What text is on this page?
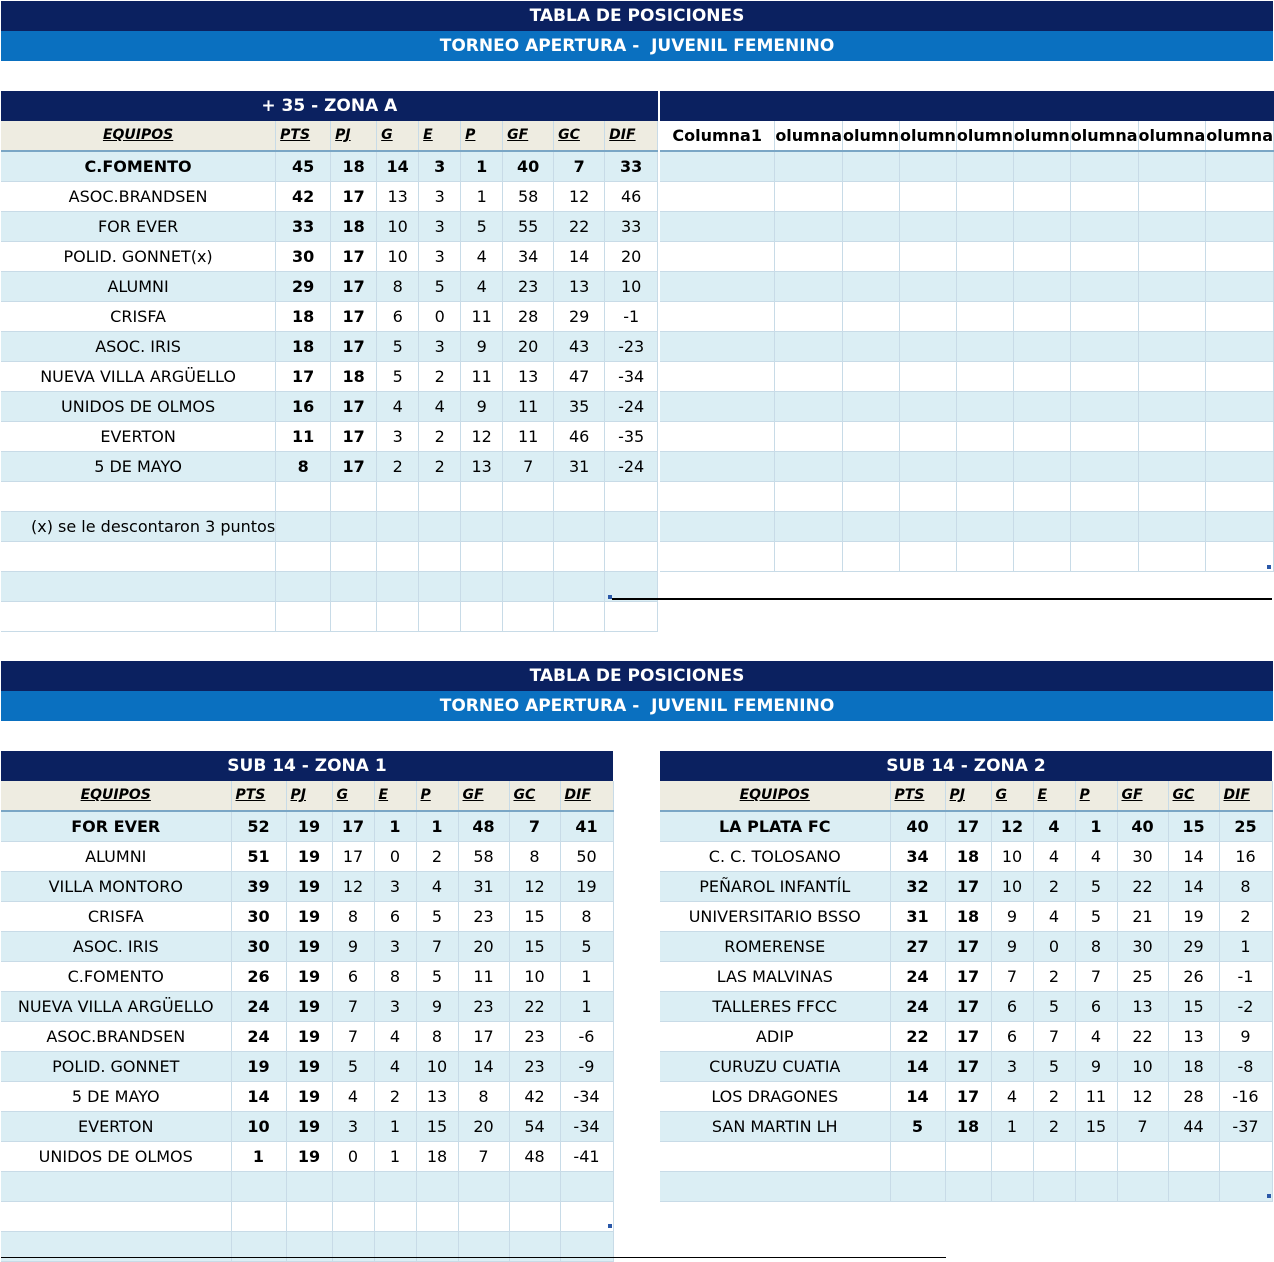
TABLA DE POSICIONES
TORNEO APERTURA -  JUVENIL FEMENINO
TABLA DE POSICIONES
TORNEO APERTURA -  JUVENIL FEMENINO
+ 35 - ZONA A								
EQUIPOS	PTS	PJ	G	E	P	GF	GC	DIF
C.FOMENTO	45	18	14	3	1	40	7	33
ASOC.BRANDSEN	42	17	13	3	1	58	12	46
FOR EVER	33	18	10	3	5	55	22	33
POLID. GONNET(x)	30	17	10	3	4	34	14	20
ALUMNI	29	17	8	5	4	23	13	10
CRISFA	18	17	6	0	11	28	29	-1
ASOC. IRIS	18	17	5	3	9	20	43	-23
NUEVA VILLA ARGÜELLO	17	18	5	2	11	13	47	-34
UNIDOS DE OLMOS	16	17	4	4	9	11	35	-24
EVERTON	11	17	3	2	12	11	46	-35
5 DE MAYO	8	17	2	2	13	7	31	-24

(x) se le descontaron 3 puntos								

Columna1	olumna	olumn	olumn	olumn	olumn	olumna	olumna	olumna

SUB 14 - ZONA 1								
EQUIPOS	PTS	PJ	G	E	P	GF	GC	DIF
FOR EVER	52	19	17	1	1	48	7	41
ALUMNI	51	19	17	0	2	58	8	50
VILLA MONTORO	39	19	12	3	4	31	12	19
CRISFA	30	19	8	6	5	23	15	8
ASOC. IRIS	30	19	9	3	7	20	15	5
C.FOMENTO	26	19	6	8	5	11	10	1
NUEVA VILLA ARGÜELLO	24	19	7	3	9	23	22	1
ASOC.BRANDSEN	24	19	7	4	8	17	23	-6
POLID. GONNET	19	19	5	4	10	14	23	-9
5 DE MAYO	14	19	4	2	13	8	42	-34
EVERTON	10	19	3	1	15	20	54	-34
UNIDOS DE OLMOS	1	19	0	1	18	7	48	-41

SUB 14 - ZONA 2								
EQUIPOS	PTS	PJ	G	E	P	GF	GC	DIF
LA PLATA FC	40	17	12	4	1	40	15	25
C. C. TOLOSANO	34	18	10	4	4	30	14	16
PEÑAROL INFANTÍL	32	17	10	2	5	22	14	8
UNIVERSITARIO BSSO	31	18	9	4	5	21	19	2
ROMERENSE	27	17	9	0	8	30	29	1
LAS MALVINAS	24	17	7	2	7	25	26	-1
TALLERES FFCC	24	17	6	5	6	13	15	-2
ADIP	22	17	6	7	4	22	13	9
CURUZU CUATIA	14	17	3	5	9	10	18	-8
LOS DRAGONES	14	17	4	2	11	12	28	-16
SAN MARTIN LH	5	18	1	2	15	7	44	-37
